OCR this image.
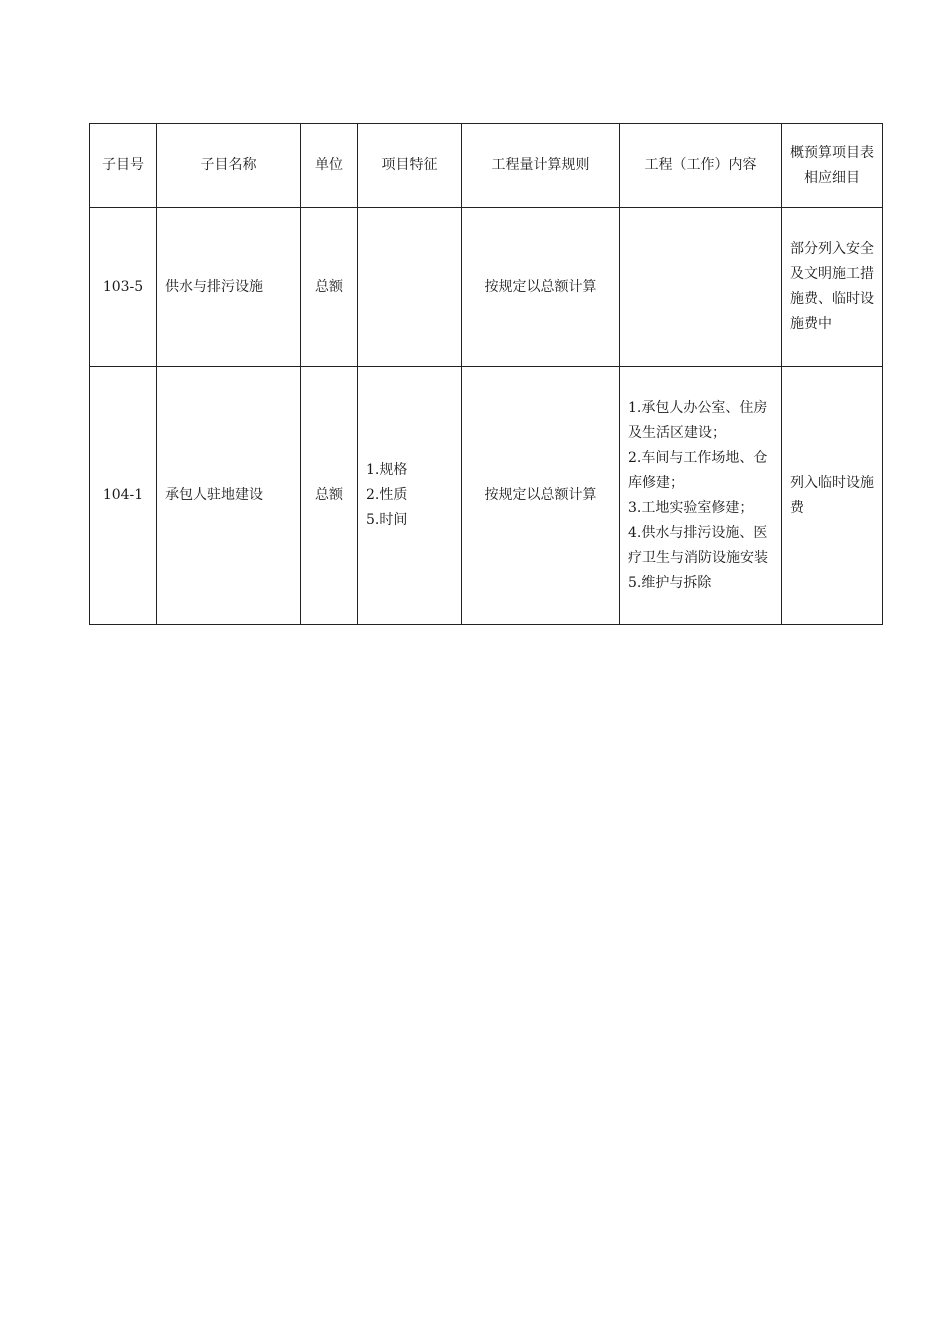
子目号	子目名称	单位	项目特征	工程量计算规则	工程（工作）内容	概预算项目表相应细目
103-5	供水与排污设施	总额		按规定以总额计算		部分列入安全及文明施工措施费、临时设施费中
104-1	承包人驻地建设	总额	1.规格
2.性质
5.时间	按规定以总额计算	1.承包人办公室、住房及生活区建设；
2.车间与工作场地、仓库修建；
3.工地实验室修建；
4.供水与排污设施、医疗卫生与消防设施安装
5.维护与拆除	列入临时设施费
